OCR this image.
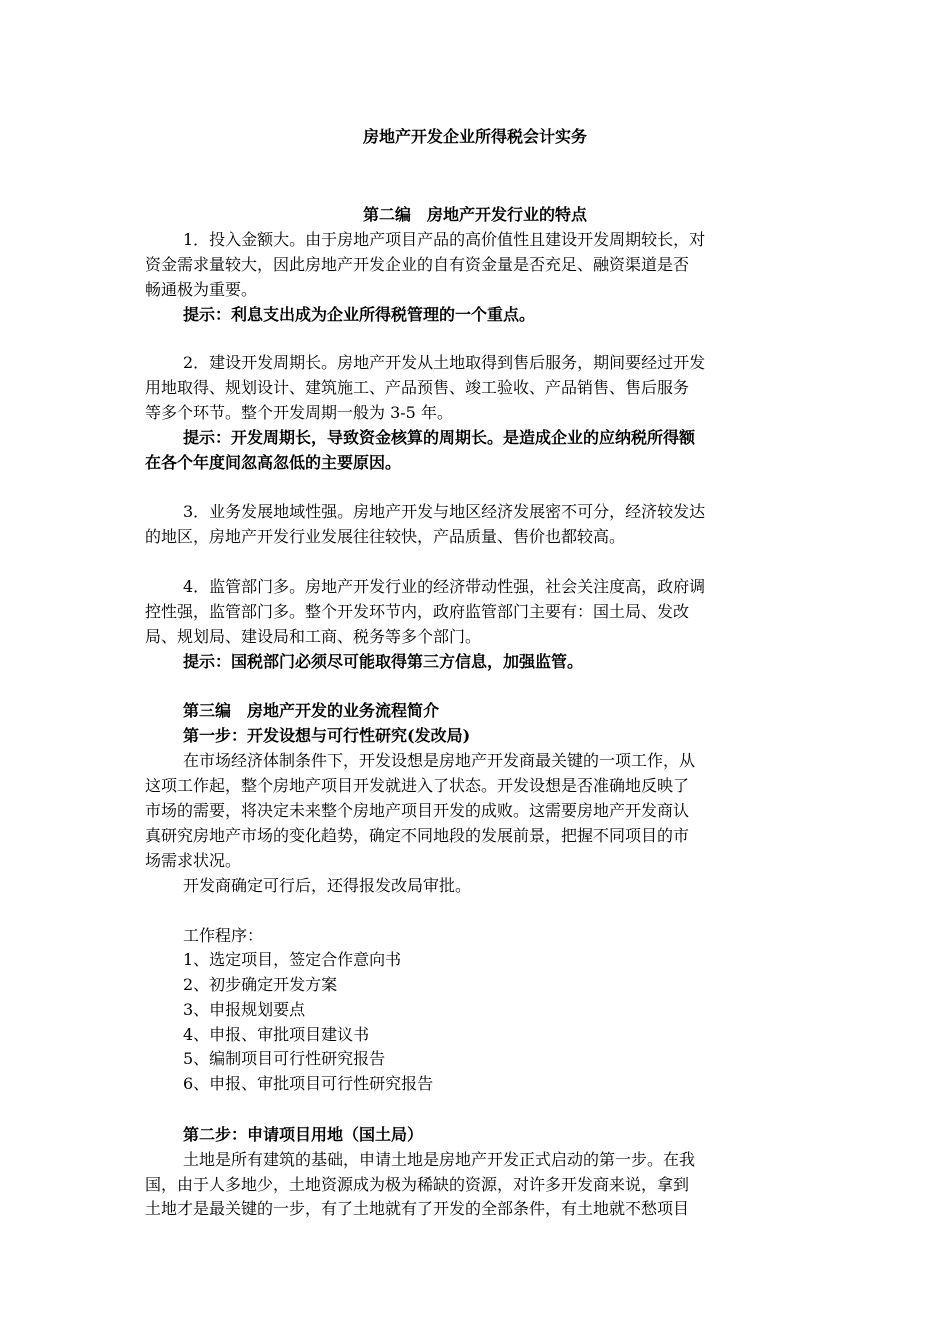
房地产开发企业所得税会计实务
第二编　房地产开发行业的特点
1．投入金额大。由于房地产项目产品的高价值性且建设开发周期较长，对
资金需求量较大，因此房地产开发企业的自有资金量是否充足、融资渠道是否
畅通极为重要。
提示：利息支出成为企业所得税管理的一个重点。
2．建设开发周期长。房地产开发从土地取得到售后服务，期间要经过开发
用地取得、规划设计、建筑施工、产品预售、竣工验收、产品销售、售后服务
等多个环节。整个开发周期一般为 3-5 年。
提示：开发周期长，导致资金核算的周期长。是造成企业的应纳税所得额
在各个年度间忽高忽低的主要原因。
3．业务发展地域性强。房地产开发与地区经济发展密不可分，经济较发达
的地区，房地产开发行业发展往往较快，产品质量、售价也都较高。
4．监管部门多。房地产开发行业的经济带动性强，社会关注度高，政府调
控性强，监管部门多。整个开发环节内，政府监管部门主要有：国土局、发改
局、规划局、建设局和工商、税务等多个部门。
提示：国税部门必须尽可能取得第三方信息，加强监管。
第三编　房地产开发的业务流程简介
第一步：开发设想与可行性研究(发改局)
在市场经济体制条件下，开发设想是房地产开发商最关键的一项工作，从
这项工作起，整个房地产项目开发就进入了状态。开发设想是否准确地反映了
市场的需要，将决定未来整个房地产项目开发的成败。这需要房地产开发商认
真研究房地产市场的变化趋势，确定不同地段的发展前景，把握不同项目的市
场需求状况。
开发商确定可行后，还得报发改局审批。
工作程序：
1、选定项目，签定合作意向书
2、初步确定开发方案
3、申报规划要点
4、申报、审批项目建议书
5、编制项目可行性研究报告
6、申报、审批项目可行性研究报告
第二步：申请项目用地（国土局）
土地是所有建筑的基础，申请土地是房地产开发正式启动的第一步。在我
国，由于人多地少，土地资源成为极为稀缺的资源，对许多开发商来说，拿到
土地才是最关键的一步，有了土地就有了开发的全部条件，有土地就不愁项目
